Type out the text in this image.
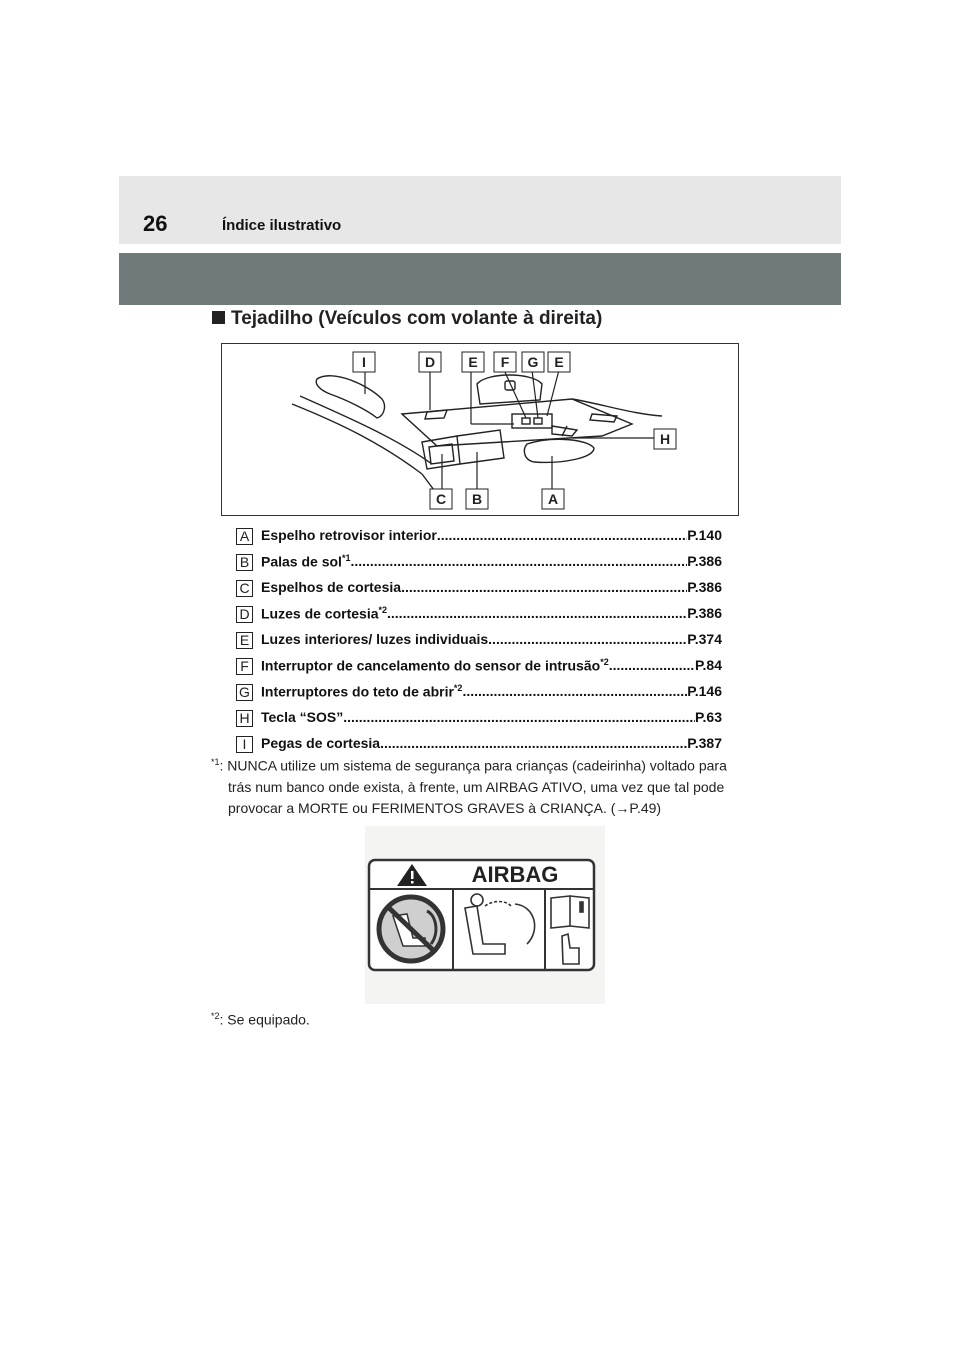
26	Índice ilustrativo
Tejadilho (Veículos com volante à direita)
I	D E F G E
H
C B	A
A Espelho retrovisor interior .....	P.140
B Palas de sol$^{*1}$ .....	P.386
C Espelhos de cortesia .....	P.386
D Luzes de cortesia$^{*2}$ .....	P.386
E Luzes interiores/ luzes individuais .....	P.374
F Interruptor de cancelamento do sensor de intrusão$^{*2}$ .....	P.84
G Interruptores do teto de abrir$^{*2}$ .....	P.146
H Tecla “SOS” .....	P.63
I	Pegas de cortesia .....	P.387
$^{*1}$: NUNCA utilize um sistema de segurança para crianças (cadeirinha) voltado para
trás num banco onde exista, à frente, um AIRBAG ATIVO, uma vez que tal pode
provocar a MORTE ou FERIMENTOS GRAVES à CRIANÇA. (→P.49)
AIRBAG
$^{*2}$: Se equipado.
